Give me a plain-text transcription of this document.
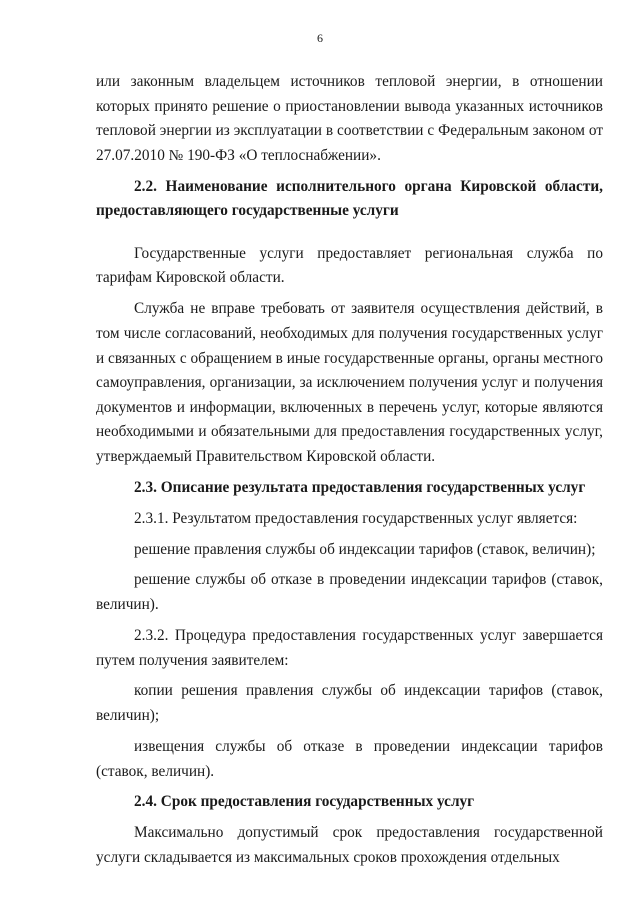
6

или законным владельцем источников тепловой энергии, в отношении которых принято решение о приостановлении вывода указанных источников тепловой энергии из эксплуатации в соответствии с Федеральным законом от 27.07.2010 № 190-ФЗ «О теплоснабжении».

2.2. Наименование исполнительного органа Кировской области, предоставляющего государственные услуги

Государственные услуги предоставляет региональная служба по тарифам Кировской области.

Служба не вправе требовать от заявителя осуществления действий, в том числе согласований, необходимых для получения государственных услуг и связанных с обращением в иные государственные органы, органы местного самоуправления, организации, за исключением получения услуг и получения документов и информации, включенных в перечень услуг, которые являются необходимыми и обязательными для предоставления государственных услуг, утверждаемый Правительством Кировской области.

2.3. Описание результата предоставления государственных услуг

2.3.1. Результатом предоставления государственных услуг является:

решение правления службы об индексации тарифов (ставок, величин);

решение службы об отказе в проведении индексации тарифов (ставок, величин).

2.3.2. Процедура предоставления государственных услуг завершается путем получения заявителем:

копии решения правления службы об индексации тарифов (ставок, величин);

извещения службы об отказе в проведении индексации тарифов (ставок, величин).

2.4. Срок предоставления государственных услуг

Максимально допустимый срок предоставления государственной услуги складывается из максимальных сроков прохождения отдельных
